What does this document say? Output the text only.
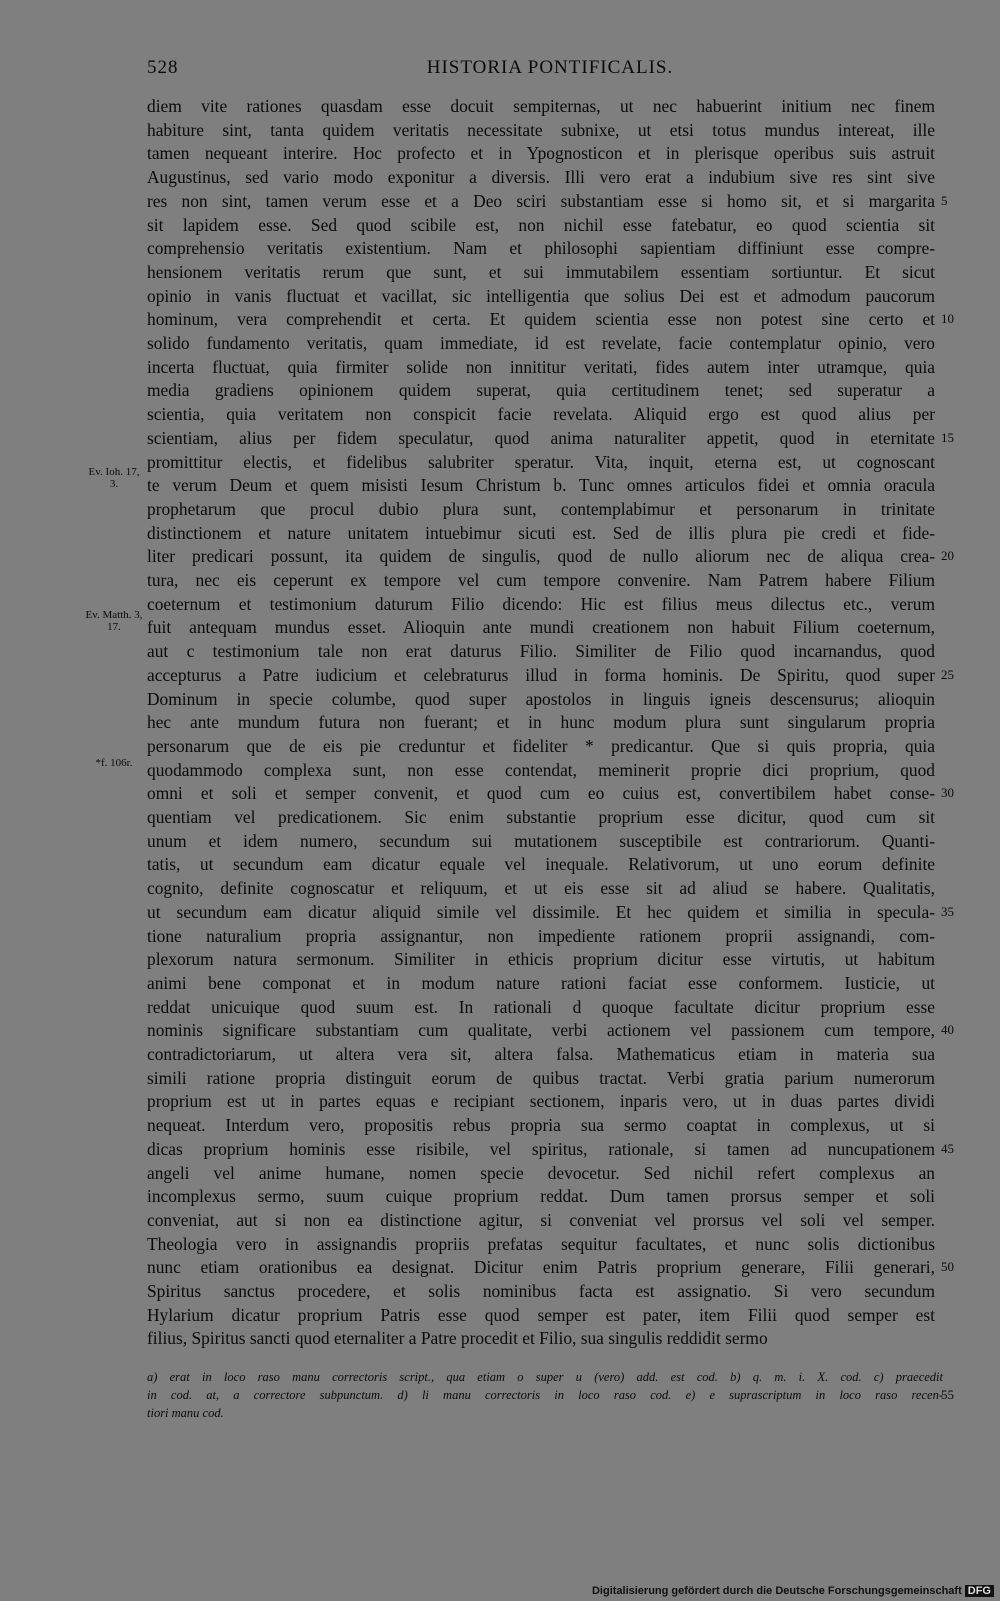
528	HISTORIA PONTIFICALIS.
diem vite rationes quasdam esse docuit sempiternas, ut nec habuerint initium nec finem
habiture sint, tanta quidem veritatis necessitate subnixe, ut etsi totus mundus intereat, ille
tamen nequeant interire. Hoc profecto et in Ypognosticon et in plerisque operibus suis astruit
Augustinus, sed vario modo exponitur a diversis. Illi vero erat a indubium sive res sint sive
res non sint, tamen verum esse et a Deo sciri substantiam esse si homo sit, et si margarita
sit lapidem esse. Sed quod scibile est, non nichil esse fatebatur, eo quod scientia sit
comprehensio veritatis existentium. Nam et philosophi sapientiam diffiniunt esse compre-
hensionem veritatis rerum que sunt, et sui immutabilem essentiam sortiuntur. Et sicut
opinio in vanis fluctuat et vacillat, sic intelligentia que solius Dei est et admodum paucorum
hominum, vera comprehendit et certa. Et quidem scientia esse non potest sine certo et
solido fundamento veritatis, quam immediate, id est revelate, facie contemplatur opinio, vero
incerta fluctuat, quia firmiter solide non innititur veritati, fides autem inter utramque, quia
media gradiens opinionem quidem superat, quia certitudinem tenet; sed superatur a
scientia, quia veritatem non conspicit facie revelata. Aliquid ergo est quod alius per
scientiam, alius per fidem speculatur, quod anima naturaliter appetit, quod in eternitate
promittitur electis, et fidelibus salubriter speratur. Vita, inquit, eterna est, ut cognoscant
te verum Deum et quem misisti Iesum Christum b. Tunc omnes articulos fidei et omnia oracula
prophetarum que procul dubio plura sunt, contemplabimur et personarum in trinitate
distinctionem et nature unitatem intuebimur sicuti est. Sed de illis plura pie credi et fide-
liter predicari possunt, ita quidem de singulis, quod de nullo aliorum nec de aliqua crea-
tura, nec eis ceperunt ex tempore vel cum tempore convenire. Nam Patrem habere Filium
coeternum et testimonium daturum Filio dicendo: Hic est filius meus dilectus etc., verum
fuit antequam mundus esset. Alioquin ante mundi creationem non habuit Filium coeternum,
aut c testimonium tale non erat daturus Filio. Similiter de Filio quod incarnandus, quod
accepturus a Patre iudicium et celebraturus illud in forma hominis. De Spiritu, quod super
Dominum in specie columbe, quod super apostolos in linguis igneis descensurus; alioquin
hec ante mundum futura non fuerant; et in hunc modum plura sunt singularum propria
personarum que de eis pie creduntur et fideliter * predicantur. Que si quis propria, quia
quodammodo complexa sunt, non esse contendat, meminerit proprie dici proprium, quod
omni et soli et semper convenit, et quod cum eo cuius est, convertibilem habet conse-
quentiam vel predicationem. Sic enim substantie proprium esse dicitur, quod cum sit
unum et idem numero, secundum sui mutationem susceptibile est contrariorum. Quanti-
tatis, ut secundum eam dicatur equale vel inequale. Relativorum, ut uno eorum definite
cognito, definite cognoscatur et reliquum, et ut eis esse sit ad aliud se habere. Qualitatis,
ut secundum eam dicatur aliquid simile vel dissimile. Et hec quidem et similia in specula-
tione naturalium propria assignantur, non impediente rationem proprii assignandi, com-
plexorum natura sermonum. Similiter in ethicis proprium dicitur esse virtutis, ut habitum
animi bene componat et in modum nature rationi faciat esse conformem. Iusticie, ut
reddat unicuique quod suum est. In rationali d quoque facultate dicitur proprium esse
nominis significare substantiam cum qualitate, verbi actionem vel passionem cum tempore,
contradictoriarum, ut altera vera sit, altera falsa. Mathematicus etiam in materia sua
simili ratione propria distinguit eorum de quibus tractat. Verbi gratia parium numerorum
proprium est ut in partes equas e recipiant sectionem, inparis vero, ut in duas partes dividi
nequeat. Interdum vero, propositis rebus propria sua sermo coaptat in complexus, ut si
dicas proprium hominis esse risibile, vel spiritus, rationale, si tamen ad nuncupationem
angeli vel anime humane, nomen specie devocetur. Sed nichil refert complexus an
incomplexus sermo, suum cuique proprium reddat. Dum tamen prorsus semper et soli
conveniat, aut si non ea distinctione agitur, si conveniat vel prorsus vel soli vel semper.
Theologia vero in assignandis propriis prefatas sequitur facultates, et nunc solis dictionibus
nunc etiam orationibus ea designat. Dicitur enim Patris proprium generare, Filii generari,
Spiritus sanctus procedere, et solis nominibus facta est assignatio. Si vero secundum
Hylarium dicatur proprium Patris esse quod semper est pater, item Filii quod semper est
filius, Spiritus sancti quod eternaliter a Patre procedit et Filio, sua singulis reddidit sermo
5
10
15
20
25
30
35
40
45
50
Ev. Ioh. 17, 3.
Ev. Matth. 3, 17.
*f. 106r.
a) erat in loco raso manu correctoris script., qua etiam o super u (vero) add. est cod. b) q. m. i. X. cod. c) praecedit
in cod. at, a correctore subpunctum. d) li manu correctoris in loco raso cod. e) e suprascriptum in loco raso recen-
tiori manu cod.
55
Digitalisierung gefördert durch die Deutsche Forschungsgemeinschaft DFG
